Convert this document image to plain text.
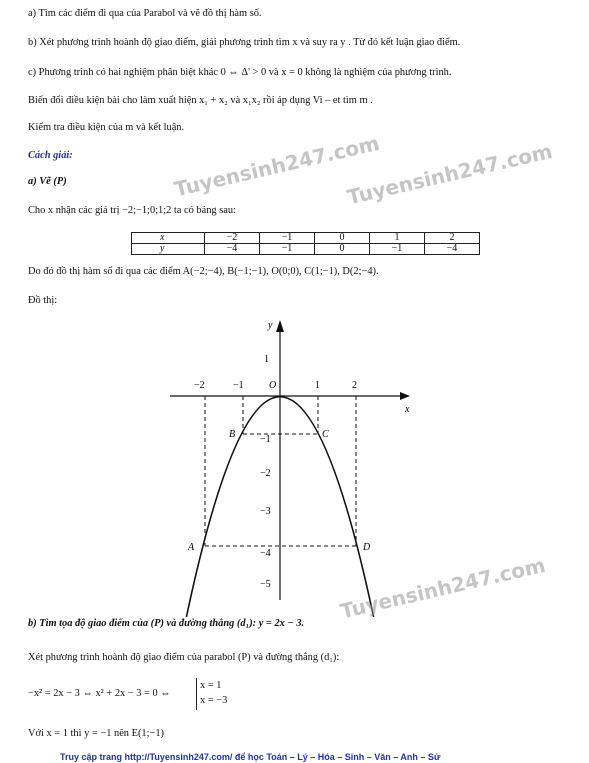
a) Tìm các điểm đi qua của Parabol và vẽ đồ thị hàm số.
b) Xét phương trình hoành độ giao điểm, giải phương trình tìm x và suy ra y . Từ đó kết luận giao điểm.
c) Phương trình có hai nghiệm phân biệt khác 0 ⇔ Δ' > 0 và x = 0 không là nghiệm của phương trình.
Biến đổi điều kiện bài cho làm xuất hiện x₁ + x₂ và x₁x₂ rồi áp dụng Vi – et tìm m .
Kiểm tra điều kiện của m và kết luận.
Cách giải:
a) Vẽ (P)
Cho x nhận các giá trị −2;−1;0;1;2 ta có bảng sau:
x	−2	−1	0	1	2
y	−4	−1	0	−1	−4
Do đó đồ thị hàm số đi qua các điểm A(−2;−4), B(−1;−1), O(0;0), C(1;−1), D(2;−4).
Đồ thị:
x
y
O
−2	−1	1	2
1
−1
−2
−3
−4
−5
A
B	C
D
b) Tìm tọa độ giao điểm của (P) và đường thẳng (d₁): y = 2x − 3.
Xét phương trình hoành độ giao điểm của parabol (P) và đường thẳng (d₁):
−x² = 2x − 3 ⇔ x² + 2x − 3 = 0 ⇔
x = 1
x = −3
Với x = 1 thì y = −1 nên E(1;−1)
Tuyensinh247.com
Tuyensinh247.com
Tuyensinh247.com
Truy cập trang http://Tuyensinh247.com/ để học Toán – Lý – Hóa – Sinh – Văn – Anh – Sử
